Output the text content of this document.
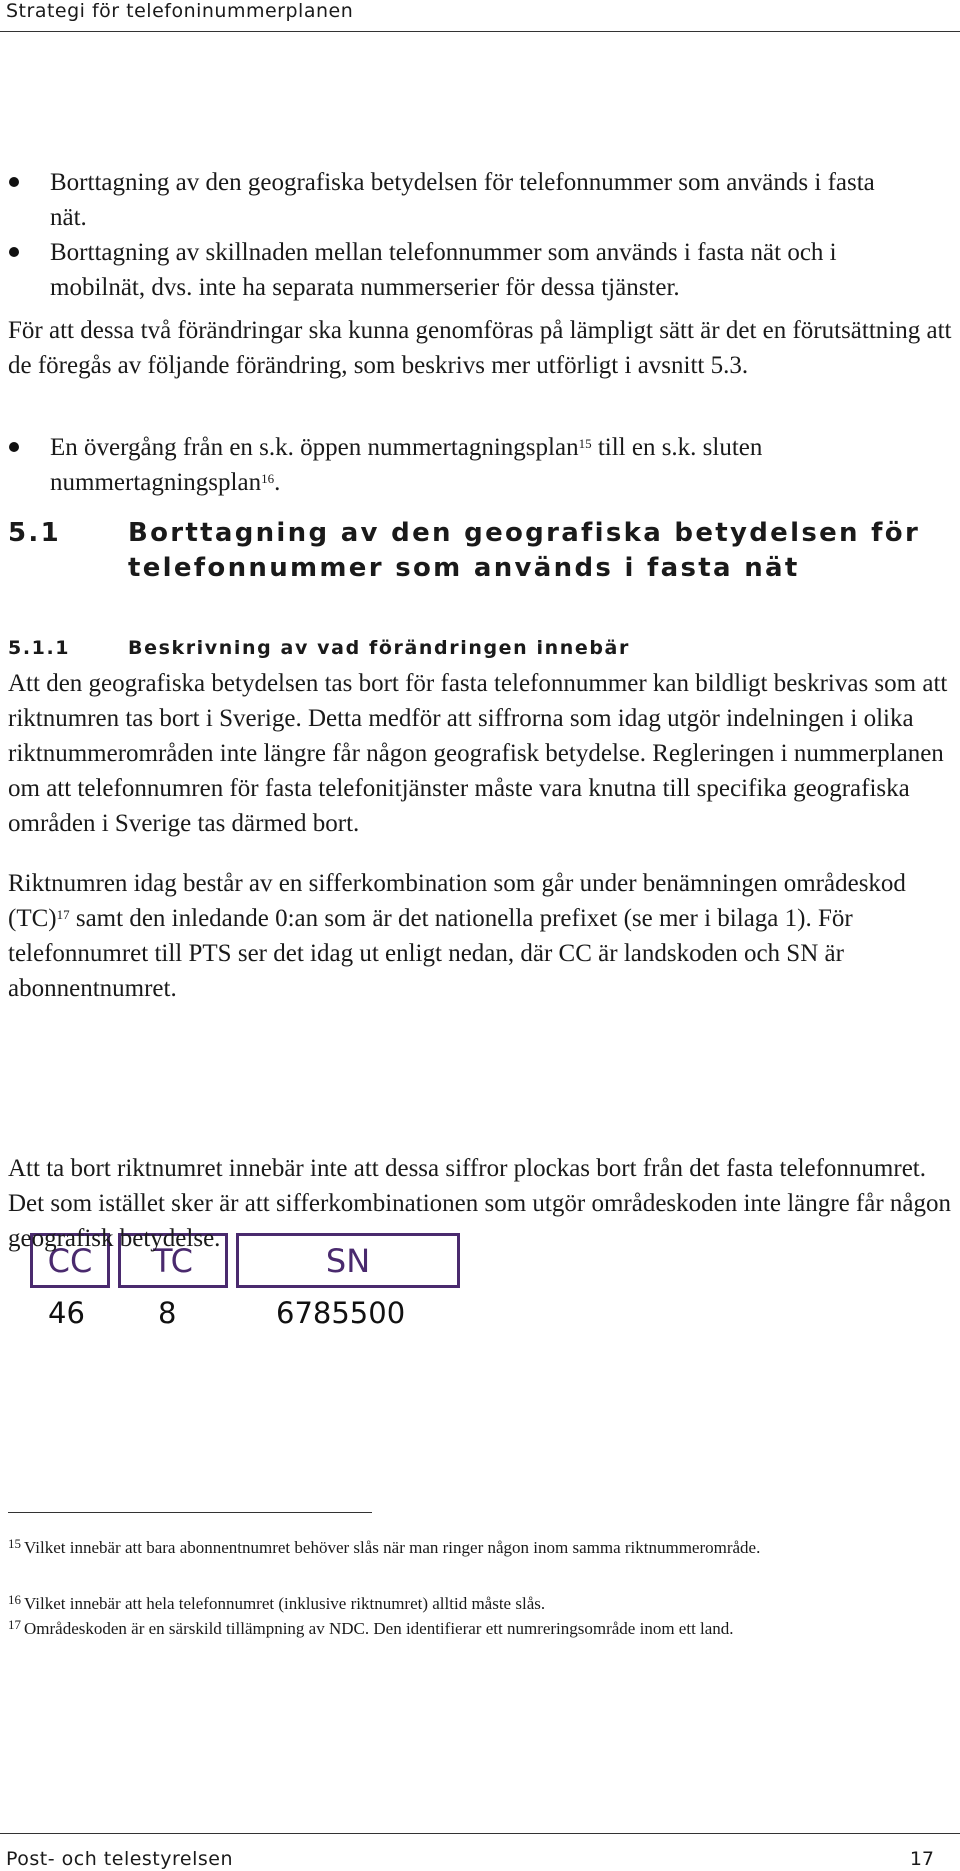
Strategi för telefoninummerplanen
Borttagning av den geografiska betydelsen för telefonnummer som används i fasta nät.
Borttagning av skillnaden mellan telefonnummer som används i fasta nät och i mobilnät, dvs. inte ha separata nummerserier för dessa tjänster.

För att dessa två förändringar ska kunna genomföras på lämpligt sätt är det en förutsättning att de föregås av följande förändring, som beskrivs mer utförligt i avsnitt 5.3.

En övergång från en s.k. öppen nummertagningsplan$^{15}$ till en s.k. sluten nummertagningsplan$^{16}$.
5.1	Borttagning av den geografiska betydelsen för telefonnummer som används i fasta nät
5.1.1	Beskrivning av vad förändringen innebär

Att den geografiska betydelsen tas bort för fasta telefonnummer kan bildligt beskrivas som att riktnumren tas bort i Sverige. Detta medför att siffrorna som idag utgör indelningen i olika riktnummerområden inte längre får någon geografisk betydelse. Regleringen i nummerplanen om att telefonnumren för fasta telefonitjänster måste vara knutna till specifika geografiska områden i Sverige tas därmed bort.

Riktnumren idag består av en sifferkombination som går under benämningen områdeskod (TC)$^{17}$ samt den inledande 0:an som är det nationella prefixet (se mer i bilaga 1). För telefonnumret till PTS ser det idag ut enligt nedan, där CC är landskoden och SN är abonnentnumret.

CC	TC	SN
46	8	6785500

Att ta bort riktnumret innebär inte att dessa siffror plockas bort från det fasta telefonnumret. Det som istället sker är att sifferkombinationen som utgör områdeskoden inte längre får någon geografisk betydelse.

$^{15}$ Vilket innebär att bara abonnentnumret behöver slås när man ringer någon inom samma riktnummerområde.

$^{16}$ Vilket innebär att hela telefonnumret (inklusive riktnumret) alltid måste slås.

$^{17}$ Områdeskoden är en särskild tillämpning av NDC. Den identifierar ett numreringsområde inom ett land.

Post- och telestyrelsen	17
